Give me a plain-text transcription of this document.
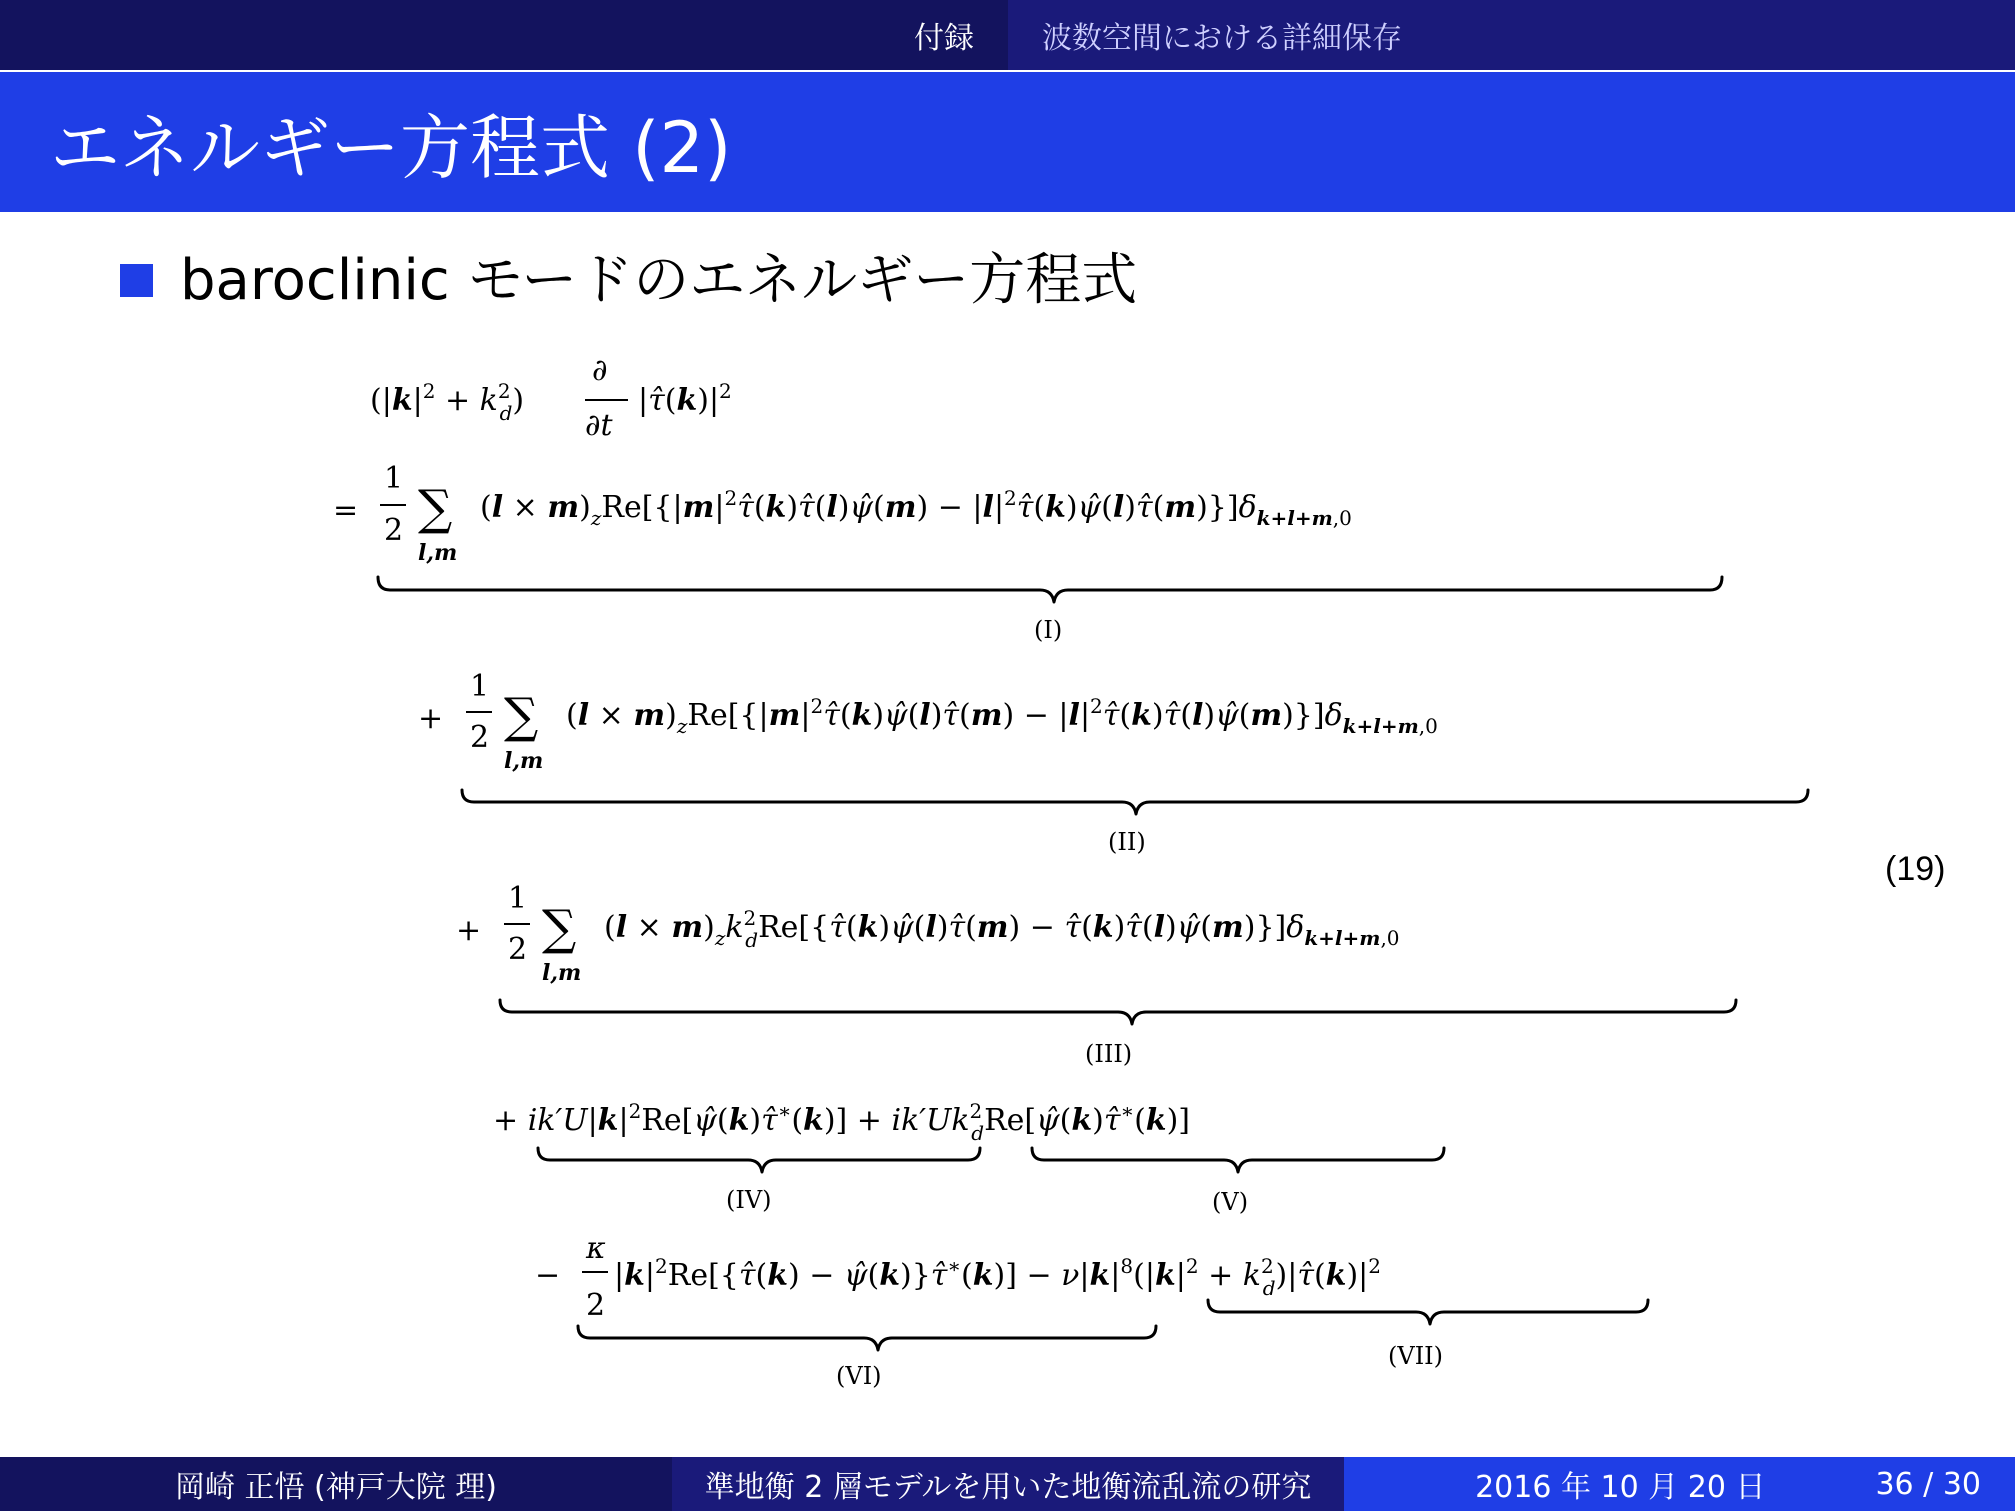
付録	波数空間における詳細保存
エネルギー方程式 (2)
baroclinic モードのエネルギー方程式
($|k|^2 + k^2$ d)
∂
∂t
$|\taû(k)|^2$
=
1
2 ∑
l,m
$(l \times m)_zRe[\{|m|^2\taû(k)\taû(l)\psî(m)$ − $|l|^2\taû(k)\psî(l)\taû(m)\}]\delta_{k+l+m},0$
(I)
+
1
2 ∑
l,m
$(l \times m)_zRe[\{|m|^2\taû(k)\psî(l)\taû(m)$ − $|l|^2\taû(k)\taû(l)\psî(m)\}]\delta_{k+l+m},0$
(II)
+
1
2 ∑
l,m
$(l \times m)_zk^2$ dRe[{τ̂(k)ψ̂(l)τ̂(m) − $\taû(k)\taû(l)\psî(m)\}]\delta_{k+l+m},0$
(III)
+ $ik'U|k|^2Re[\psî(k)\taû^∗(k)] + ik'Uk^2$ dRe[ψ̂(k)τ̂∗(k)]
(IV)	(V)
−
κ
2
$|k|^2Re[\{\taû(k)$ − ψ̂(k)}τ̂∗(k)] − $\nu|k|^8(|k|^2 + k^2$ $d)|\taû(k)|^2$
(VI)
(VII)
(19)
岡崎 正悟 (神戸大院 理)	準地衡 2 層モデルを用いた地衡流乱流の研究	2016 年 10 月 20 日	36 / 30
